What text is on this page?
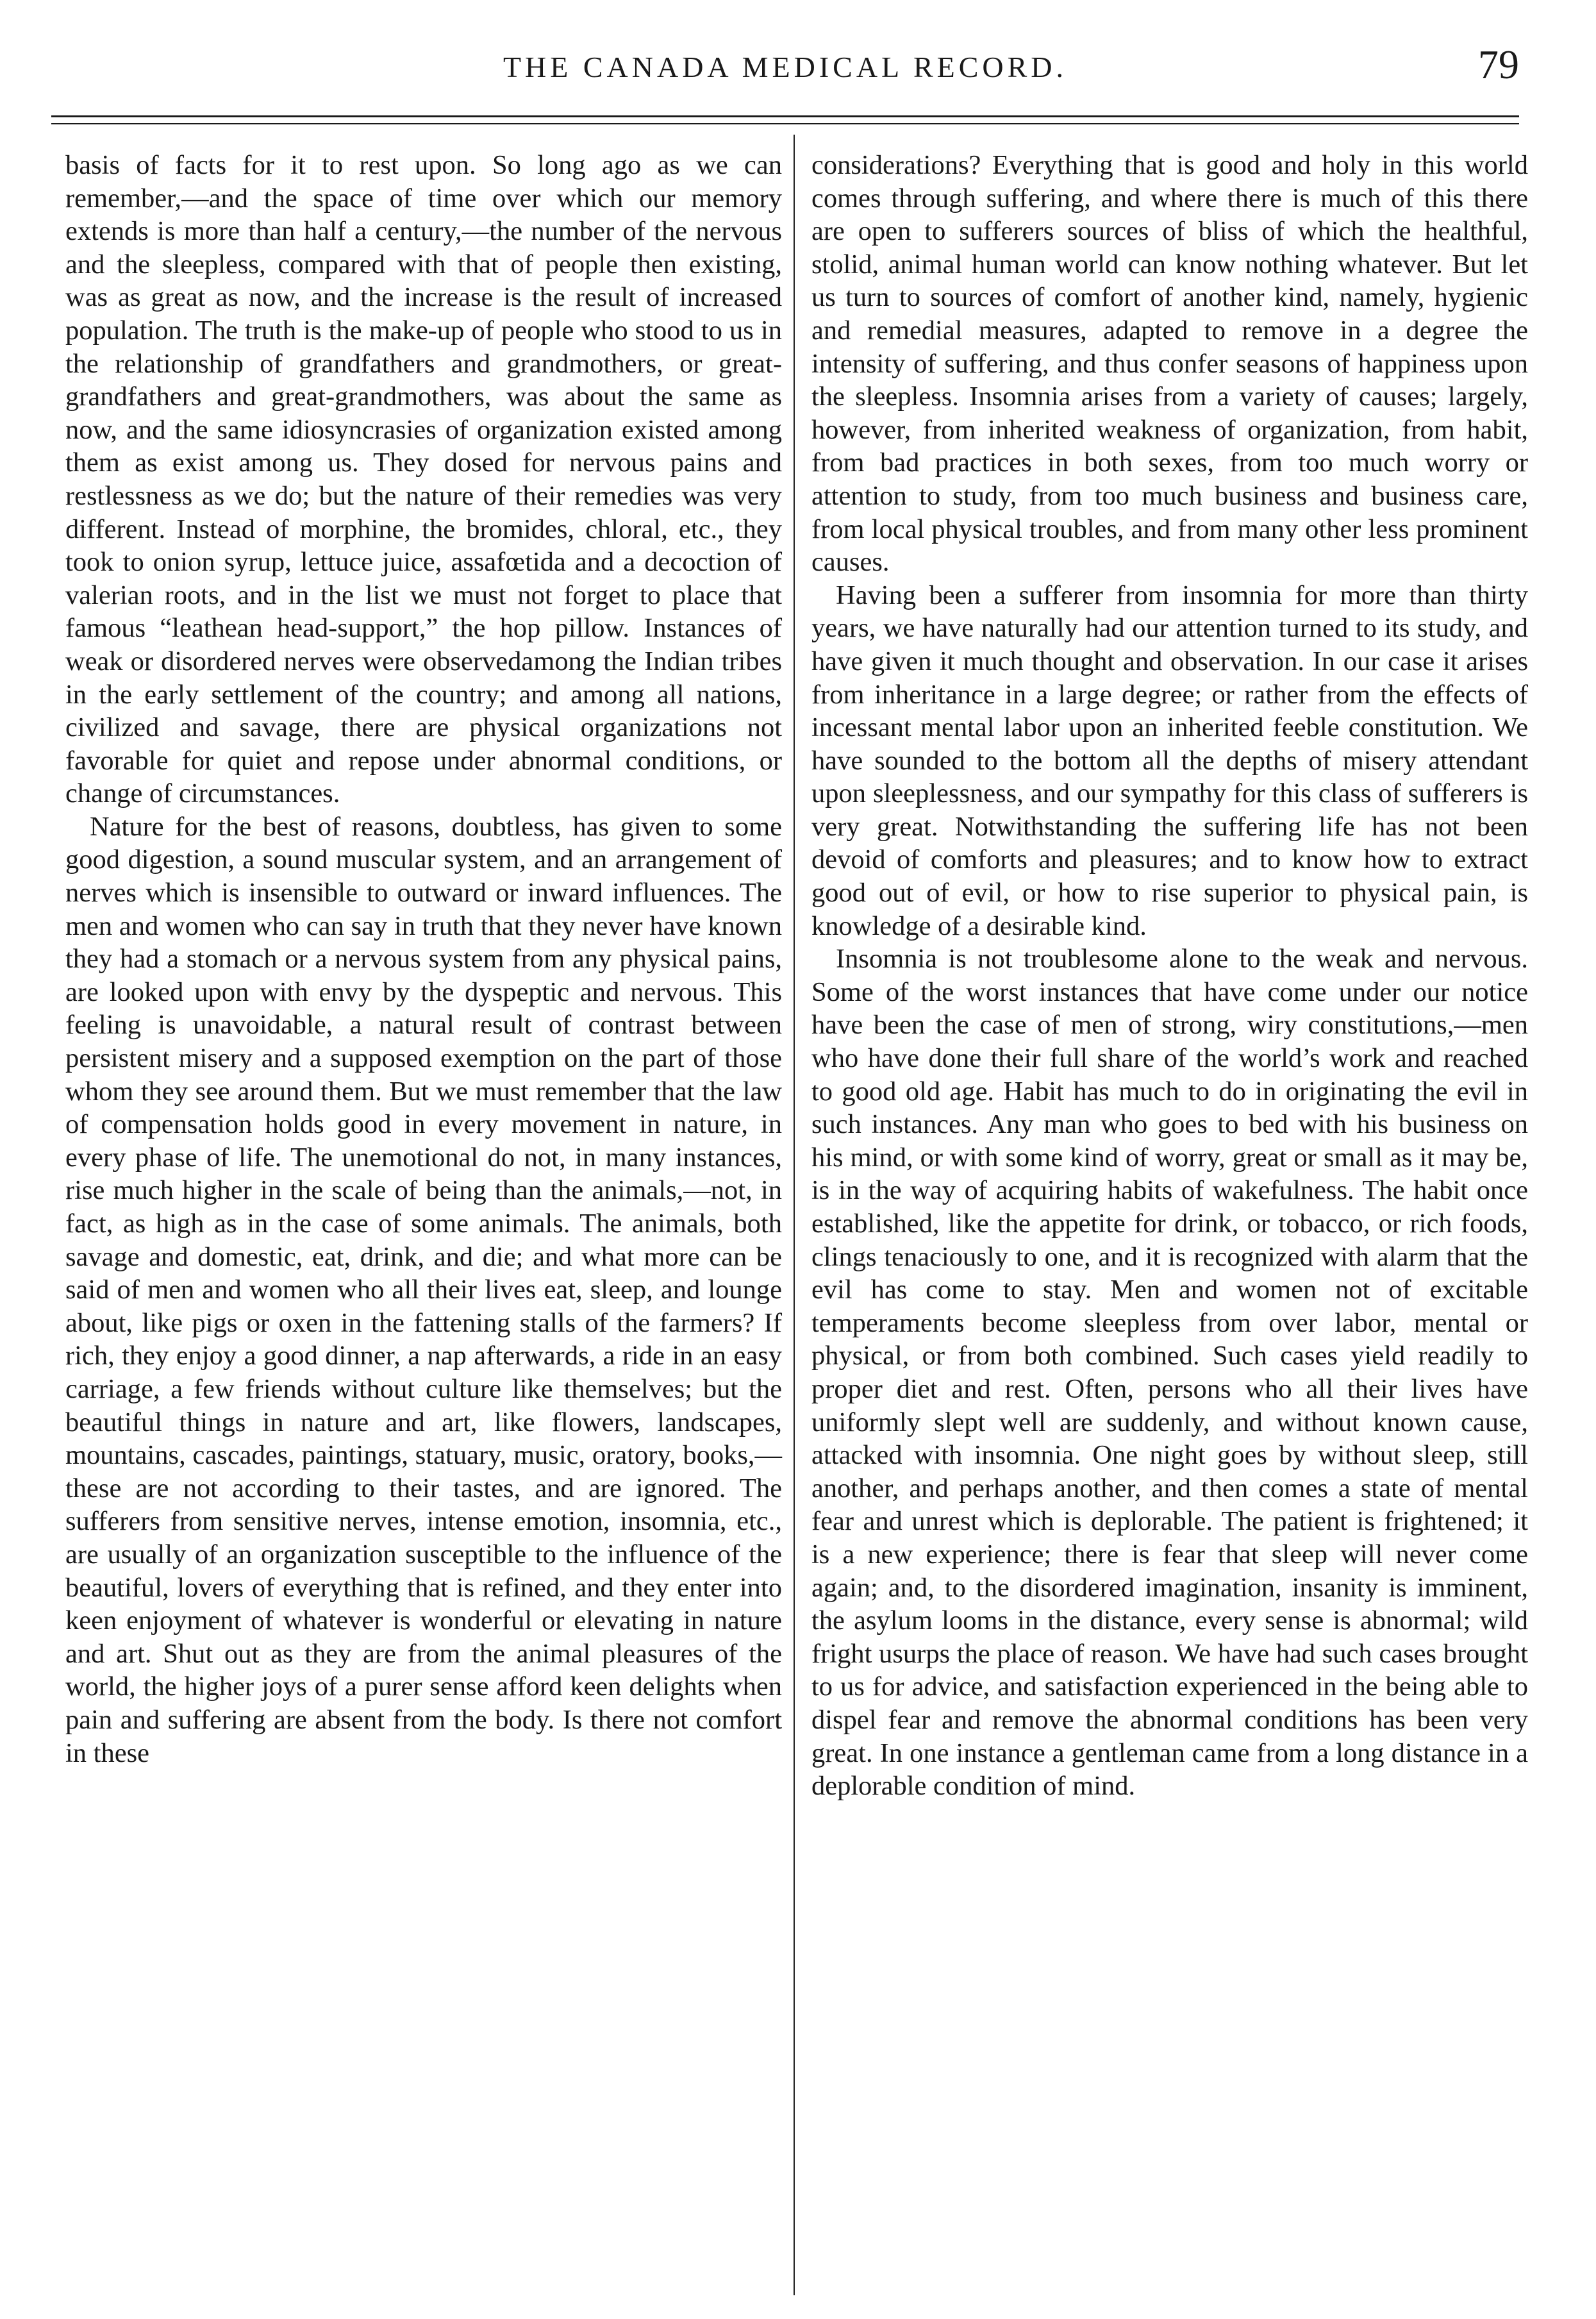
THE CANADA MEDICAL RECORD.	79

basis of facts for it to rest upon. So long ago as we can remember,—and the space of time over which our memory extends is more than half a century,—the number of the nervous and the sleepless, compared with that of people then existing, was as great as now, and the increase is the result of increased population. The truth is the make-up of people who stood to us in the relationship of grandfathers and grandmothers, or great-grandfathers and great-grandmothers, was about the same as now, and the same idiosyncrasies of organization existed among them as exist among us. They dosed for nervous pains and restlessness as we do; but the nature of their remedies was very different. Instead of morphine, the bromides, chloral, etc., they took to onion syrup, lettuce juice, assafœtida and a decoction of valerian roots, and in the list we must not forget to place that famous “leathean head-support,” the hop pillow. Instances of weak or disordered nerves were observedamong the Indian tribes in the early settlement of the country; and among all nations, civilized and savage, there are physical organizations not favorable for quiet and repose under abnormal conditions, or change of circumstances.

Nature for the best of reasons, doubtless, has given to some good digestion, a sound muscular system, and an arrangement of nerves which is insensible to outward or inward influences. The men and women who can say in truth that they never have known they had a stomach or a nervous system from any physical pains, are looked upon with envy by the dyspeptic and nervous. This feeling is unavoidable, a natural result of contrast between persistent misery and a supposed exemption on the part of those whom they see around them. But we must remember that the law of compensation holds good in every movement in nature, in every phase of life. The unemotional do not, in many instances, rise much higher in the scale of being than the animals,—not, in fact, as high as in the case of some animals. The animals, both savage and domestic, eat, drink, and die; and what more can be said of men and women who all their lives eat, sleep, and lounge about, like pigs or oxen in the fattening stalls of the farmers? If rich, they enjoy a good dinner, a nap afterwards, a ride in an easy carriage, a few friends without culture like themselves; but the beautiful things in nature and art, like flowers, landscapes, mountains, cascades, paintings, statuary, music, oratory, books,—these are not according to their tastes, and are ignored. The sufferers from sensitive nerves, intense emotion, insomnia, etc., are usually of an organization susceptible to the influence of the beautiful, lovers of everything that is refined, and they enter into keen enjoyment of whatever is wonderful or elevating in nature and art. Shut out as they are from the animal pleasures of the world, the higher joys of a purer sense afford keen delights when pain and suffering are absent from the body. Is there not comfort in these

considerations? Everything that is good and holy in this world comes through suffering, and where there is much of this there are open to sufferers sources of bliss of which the healthful, stolid, animal human world can know nothing whatever. But let us turn to sources of comfort of another kind, namely, hygienic and remedial measures, adapted to remove in a degree the intensity of suffering, and thus confer seasons of happiness upon the sleepless. Insomnia arises from a variety of causes; largely, however, from inherited weakness of organization, from habit, from bad practices in both sexes, from too much worry or attention to study, from too much business and business care, from local physical troubles, and from many other less prominent causes.

Having been a sufferer from insomnia for more than thirty years, we have naturally had our attention turned to its study, and have given it much thought and observation. In our case it arises from inheritance in a large degree; or rather from the effects of incessant mental labor upon an inherited feeble constitution. We have sounded to the bottom all the depths of misery attendant upon sleeplessness, and our sympathy for this class of sufferers is very great. Notwithstanding the suffering life has not been devoid of comforts and pleasures; and to know how to extract good out of evil, or how to rise superior to physical pain, is knowledge of a desirable kind.

Insomnia is not troublesome alone to the weak and nervous. Some of the worst instances that have come under our notice have been the case of men of strong, wiry constitutions,—men who have done their full share of the world’s work and reached to good old age. Habit has much to do in originating the evil in such instances. Any man who goes to bed with his business on his mind, or with some kind of worry, great or small as it may be, is in the way of acquiring habits of wakefulness. The habit once established, like the appetite for drink, or tobacco, or rich foods, clings tenaciously to one, and it is recognized with alarm that the evil has come to stay. Men and women not of excitable temperaments become sleepless from over labor, mental or physical, or from both combined. Such cases yield readily to proper diet and rest. Often, persons who all their lives have uniformly slept well are suddenly, and without known cause, attacked with insomnia. One night goes by without sleep, still another, and perhaps another, and then comes a state of mental fear and unrest which is deplorable. The patient is frightened; it is a new experience; there is fear that sleep will never come again; and, to the disordered imagination, insanity is imminent, the asylum looms in the distance, every sense is abnormal; wild fright usurps the place of reason. We have had such cases brought to us for advice, and satisfaction experienced in the being able to dispel fear and remove the abnormal conditions has been very great. In one instance a gentleman came from a long distance in a deplorable condition of mind.
